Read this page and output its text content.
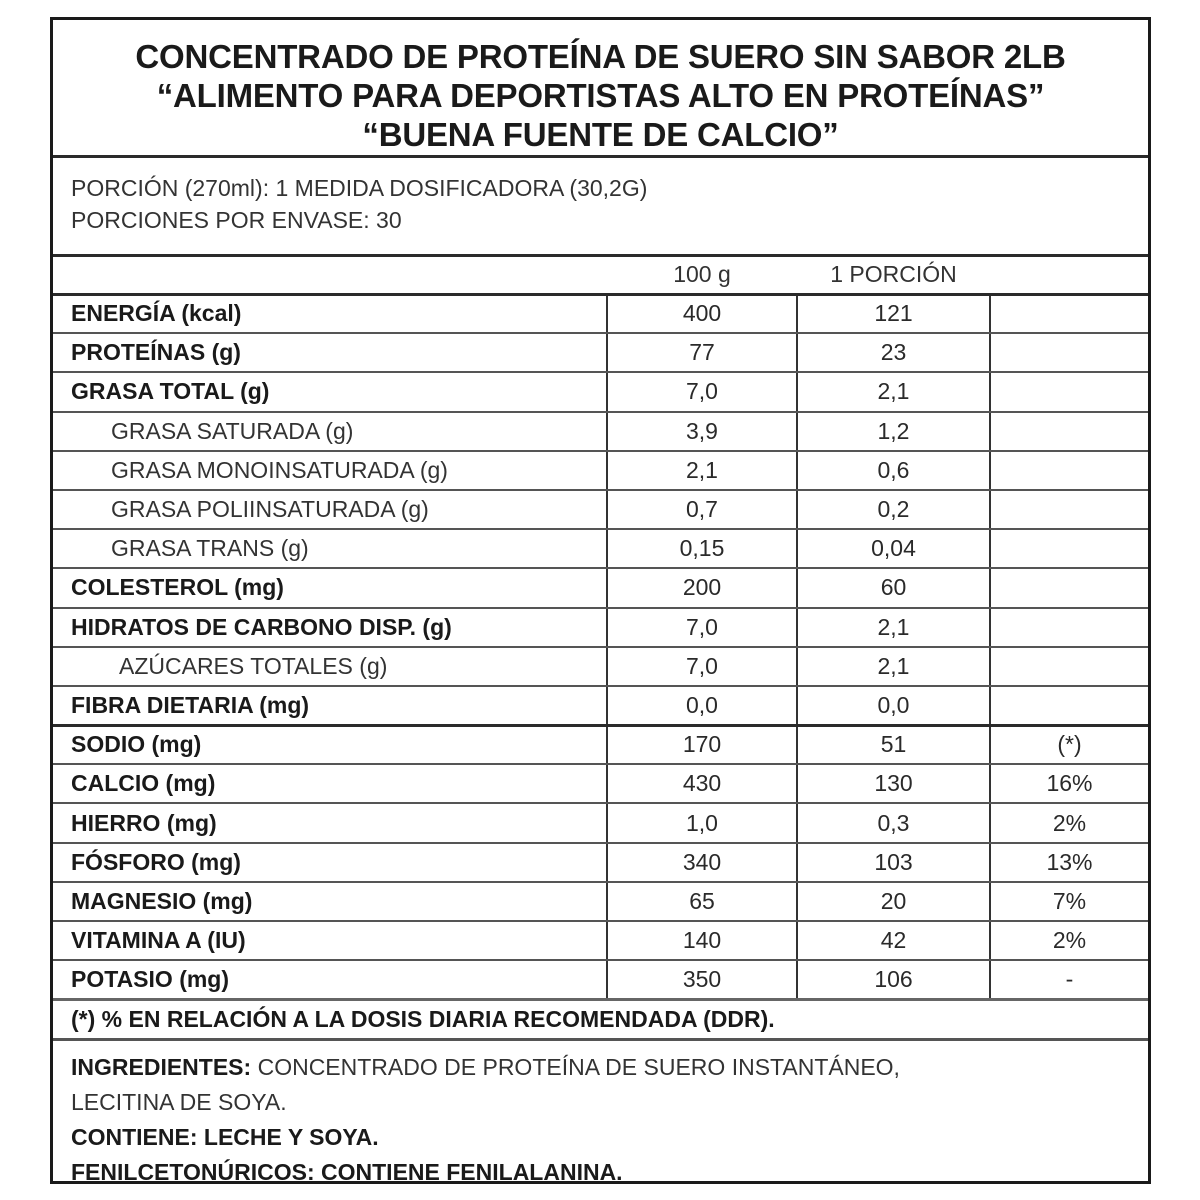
CONCENTRADO DE PROTEÍNA DE SUERO SIN SABOR 2LB
“ALIMENTO PARA DEPORTISTAS ALTO EN PROTEÍNAS”
“BUENA FUENTE DE CALCIO”
PORCIÓN (270ml): 1 MEDIDA DOSIFICADORA (30,2G)
PORCIONES POR ENVASE: 30
	100 g	1 PORCIÓN	
ENERGÍA (kcal)	400	121	
PROTEÍNAS (g)	77	23	
GRASA TOTAL (g)	7,0	2,1	
GRASA SATURADA (g)	3,9	1,2	
GRASA MONOINSATURADA (g)	2,1	0,6	
GRASA POLIINSATURADA (g)	0,7	0,2	
GRASA TRANS (g)	0,15	0,04	
COLESTEROL (mg)	200	60	
HIDRATOS DE CARBONO DISP. (g)	7,0	2,1	
AZÚCARES TOTALES (g)	7,0	2,1	
FIBRA DIETARIA (mg)	0,0	0,0	
SODIO (mg)	170	51	(*)
CALCIO (mg)	430	130	16%
HIERRO (mg)	1,0	0,3	2%
FÓSFORO (mg)	340	103	13%
MAGNESIO (mg)	65	20	7%
VITAMINA A (IU)	140	42	2%
POTASIO (mg)	350	106	-
(*) % EN RELACIÓN A LA DOSIS DIARIA RECOMENDADA (DDR).
INGREDIENTES: CONCENTRADO DE PROTEÍNA DE SUERO INSTANTÁNEO,
LECITINA DE SOYA.
CONTIENE: LECHE Y SOYA.
FENILCETONÚRICOS: CONTIENE FENILALANINA.
